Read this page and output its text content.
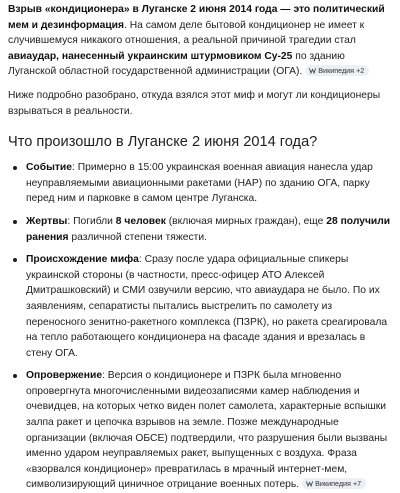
Взрыв «кондиционера» в Луганске 2 июня 2014 года — это политический мем и дезинформация. На самом деле бытовой кондиционер не имеет к случившемуся никакого отношения, а реальной причиной трагедии стал авиаудар, нанесенный украинским штурмовиком Су-25 по зданию Луганской областной государственной администрации (ОГА). Википедия +2

Ниже подробно разобрано, откуда взялся этот миф и могут ли кондиционеры взрываться в реальности.

Что произошло в Луганске 2 июня 2014 года?
Событие: Примерно в 15:00 украинская военная авиация нанесла удар неуправляемыми авиационными ракетами (НАР) по зданию ОГА, парку перед ним и парковке в самом центре Луганска.
Жертвы: Погибли 8 человек (включая мирных граждан), еще 28 получили ранения различной степени тяжести.
Происхождение мифа: Сразу после удара официальные спикеры украинской стороны (в частности, пресс-офицер АТО Алексей Дмитрашковский) и СМИ озвучили версию, что авиаудара не было. По их заявлениям, сепаратисты пытались выстрелить по самолету из переносного зенитно-ракетного комплекса (ПЗРК), но ракета среагировала на тепло работающего кондиционера на фасаде здания и врезалась в стену ОГА.
Опровержение: Версия о кондиционере и ПЗРК была мгновенно опровергнута многочисленными видеозаписями камер наблюдения и очевидцев, на которых четко виден полет самолета, характерные вспышки залпа ракет и цепочка взрывов на земле. Позже международные организации (включая ОБСЕ) подтвердили, что разрушения были вызваны именно ударом неуправляемых ракет, выпущенных с воздуха. Фраза «взорвался кондиционер» превратилась в мрачный интернет-мем, символизирующий циничное отрицание военных потерь. Википедия +7
